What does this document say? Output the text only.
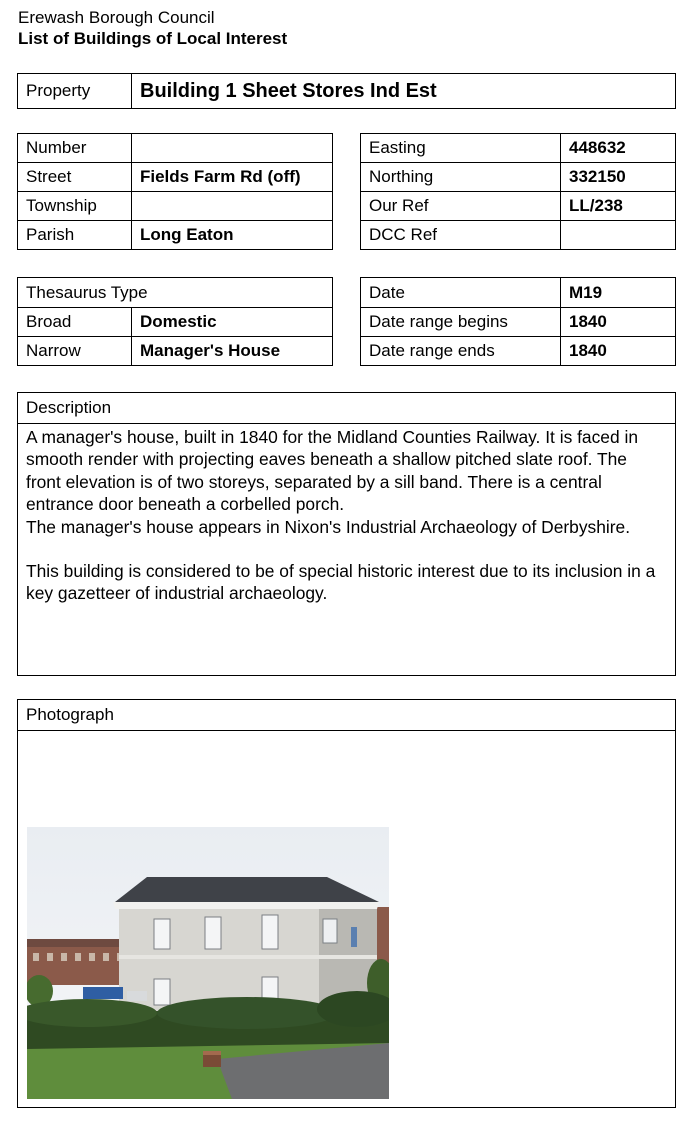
Erewash Borough Council
List of Buildings of Local Interest
Property	Building 1 Sheet Stores Ind Est
Number	
Street	Fields Farm Rd (off)
Township	
Parish	Long Eaton
Easting	448632
Northing	332150
Our Ref	LL/238
DCC Ref	
Thesaurus Type	
Broad	Domestic
Narrow	Manager's House
Date	M19
Date range begins	1840
Date range ends	1840
Description

A manager's house, built in 1840 for the Midland Counties Railway. It is faced in smooth render with projecting eaves beneath a shallow pitched slate roof. The front elevation is of two storeys, separated by a sill band. There is a central entrance door beneath a corbelled porch.

The manager's house appears in Nixon's Industrial Archaeology of Derbyshire.

This building is considered to be of special historic interest due to its inclusion in a key gazetteer of industrial archaeology.

Photograph
